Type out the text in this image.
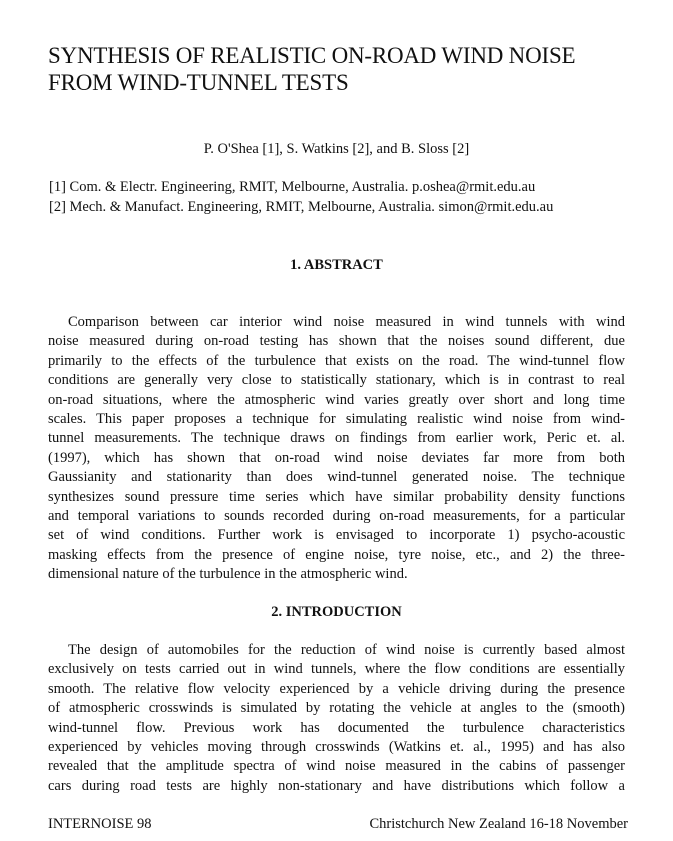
SYNTHESIS OF REALISTIC ON-ROAD WIND NOISE
FROM WIND-TUNNEL TESTS
P. O'Shea [1], S. Watkins [2], and B. Sloss [2]
[1] Com. & Electr. Engineering, RMIT, Melbourne, Australia. p.oshea@rmit.edu.au
[2] Mech. & Manufact. Engineering, RMIT, Melbourne, Australia. simon@rmit.edu.au
1. ABSTRACT
Comparison between car interior wind noise measured in wind tunnels with wind
noise measured during on-road testing has shown that the noises sound different, due
primarily to the effects of the turbulence that exists on the road. The wind-tunnel flow
conditions are generally very close to statistically stationary, which is in contrast to real
on-road situations, where the atmospheric wind varies greatly over short and long time
scales. This paper proposes a technique for simulating realistic wind noise from wind-
tunnel measurements. The technique draws on findings from earlier work, Peric et. al.
(1997), which has shown that on-road wind noise deviates far more from both
Gaussianity and stationarity than does wind-tunnel generated noise. The technique
synthesizes sound pressure time series which have similar probability density functions
and temporal variations to sounds recorded during on-road measurements, for a particular
set of wind conditions. Further work is envisaged to incorporate 1) psycho-acoustic
masking effects from the presence of engine noise, tyre noise, etc., and 2) the three-
dimensional nature of the turbulence in the atmospheric wind.
2. INTRODUCTION
The design of automobiles for the reduction of wind noise is currently based almost
exclusively on tests carried out in wind tunnels, where the flow conditions are essentially
smooth. The relative flow velocity experienced by a vehicle driving during the presence
of atmospheric crosswinds is simulated by rotating the vehicle at angles to the (smooth)
wind-tunnel flow. Previous work has documented the turbulence characteristics
experienced by vehicles moving through crosswinds (Watkins et. al., 1995) and has also
revealed that the amplitude spectra of wind noise measured in the cabins of passenger
cars during road tests are highly non-stationary and have distributions which follow a
INTERNOISE 98	Christchurch New Zealand 16-18 November
